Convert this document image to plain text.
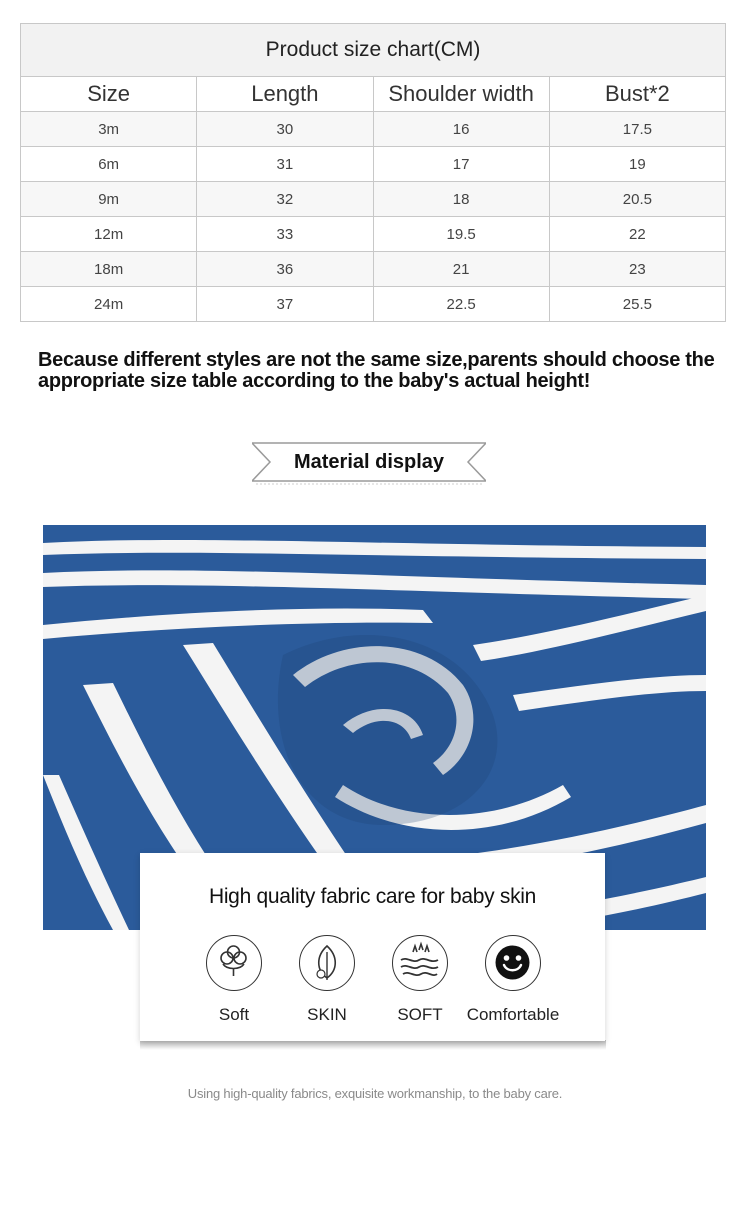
Product size chart(CM)			
Size	Length	Shoulder width	Bust*2
3m	30	16	17.5
6m	31	17	19
9m	32	18	20.5
12m	33	19.5	22
18m	36	21	23
24m	37	22.5	25.5
Because different styles are not the same size,parents should choose the appropriate size table according to the baby's actual height!
Material display
High quality fabric care for baby skin
Soft	SKIN	SOFT	Comfortable
Using high-quality fabrics, exquisite workmanship, to the baby care.
